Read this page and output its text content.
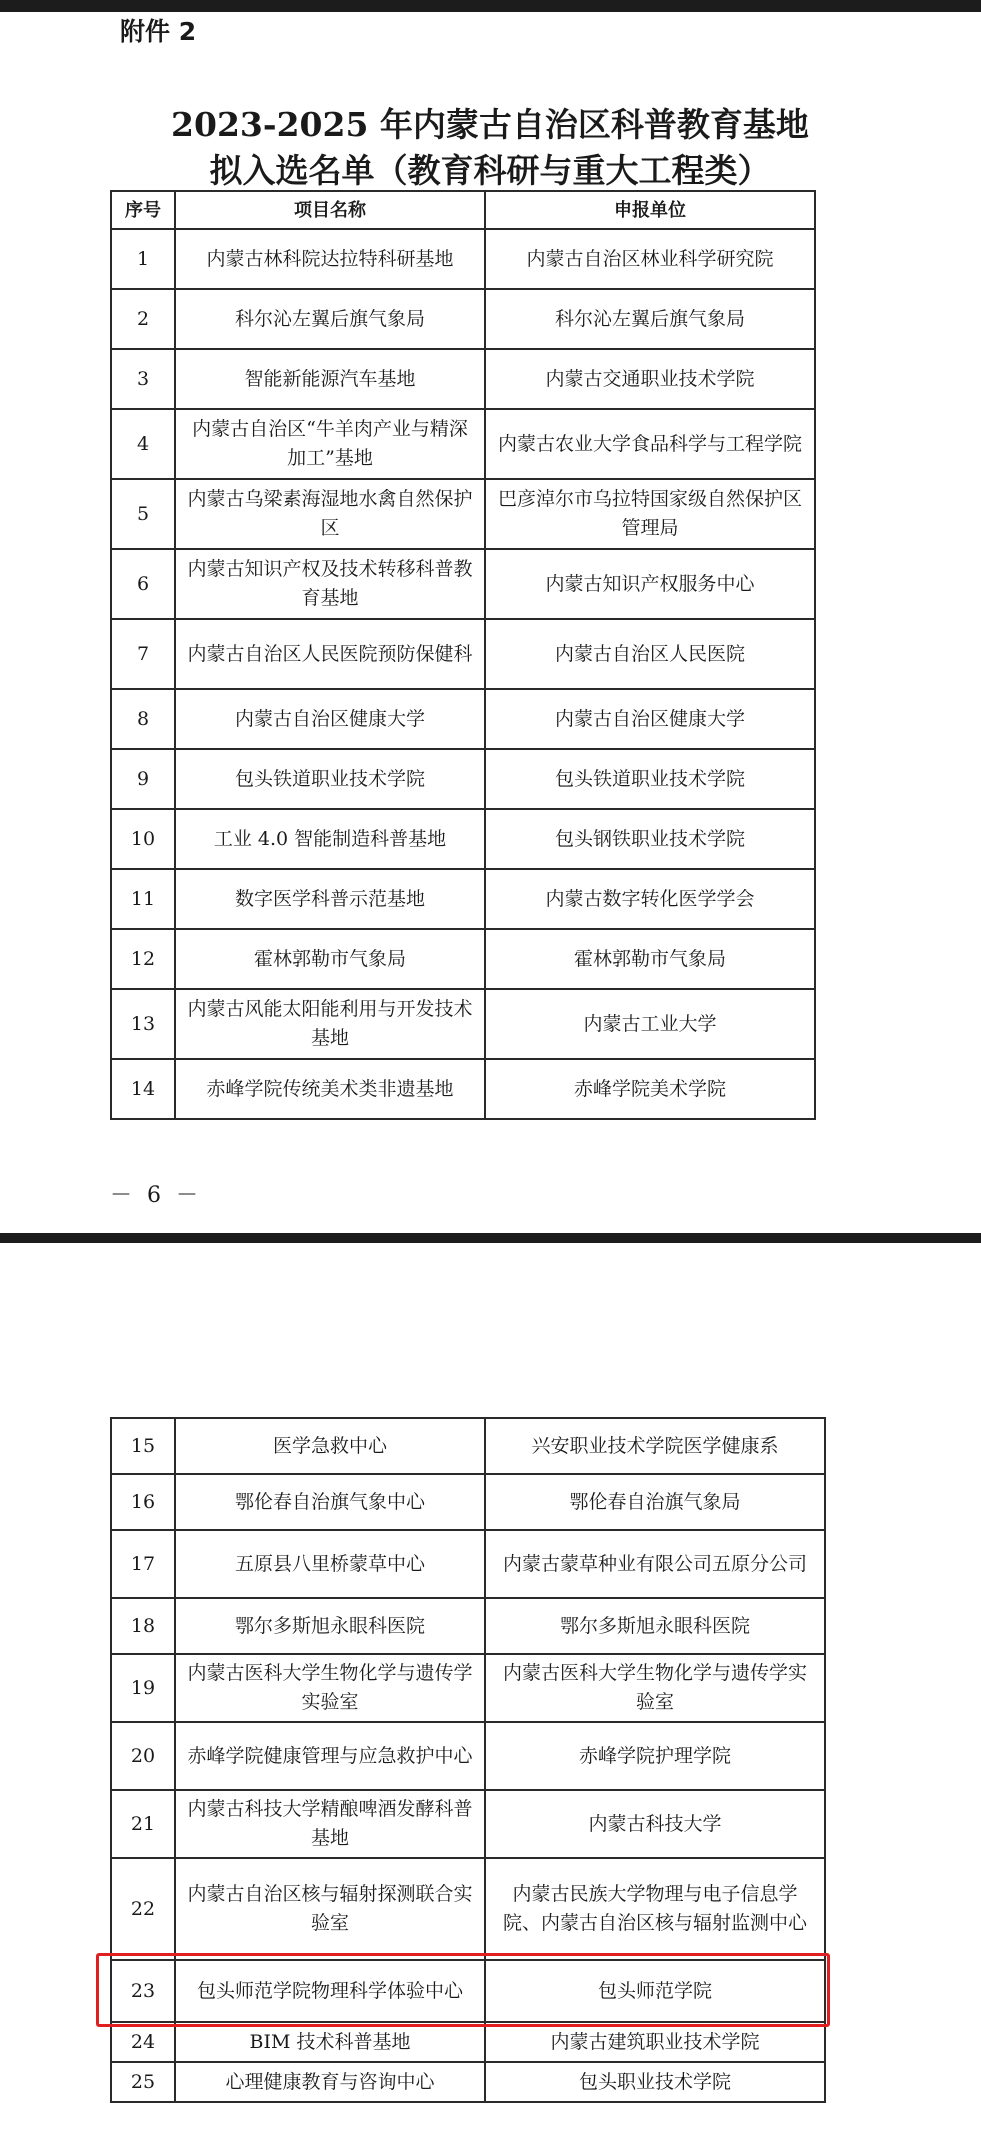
附件 2
2023-2025 年内蒙古自治区科普教育基地
拟入选名单（教育科研与重大工程类）
序号	项目名称	申报单位
1	内蒙古林科院达拉特科研基地	内蒙古自治区林业科学研究院
2	科尔沁左翼后旗气象局	科尔沁左翼后旗气象局
3	智能新能源汽车基地	内蒙古交通职业技术学院
4	内蒙古自治区“牛羊肉产业与精深加工”基地	内蒙古农业大学食品科学与工程学院
5	内蒙古乌梁素海湿地水禽自然保护区	巴彦淖尔市乌拉特国家级自然保护区管理局
6	内蒙古知识产权及技术转移科普教育基地	内蒙古知识产权服务中心
7	内蒙古自治区人民医院预防保健科	内蒙古自治区人民医院
8	内蒙古自治区健康大学	内蒙古自治区健康大学
9	包头铁道职业技术学院	包头铁道职业技术学院
10	工业 4.0 智能制造科普基地	包头钢铁职业技术学院
11	数字医学科普示范基地	内蒙古数字转化医学学会
12	霍林郭勒市气象局	霍林郭勒市气象局
13	内蒙古风能太阳能利用与开发技术基地	内蒙古工业大学
14	赤峰学院传统美术类非遗基地	赤峰学院美术学院
－ 6 －
15	医学急救中心	兴安职业技术学院医学健康系
16	鄂伦春自治旗气象中心	鄂伦春自治旗气象局
17	五原县八里桥蒙草中心	内蒙古蒙草种业有限公司五原分公司
18	鄂尔多斯旭永眼科医院	鄂尔多斯旭永眼科医院
19	内蒙古医科大学生物化学与遗传学实验室	内蒙古医科大学生物化学与遗传学实验室
20	赤峰学院健康管理与应急救护中心	赤峰学院护理学院
21	内蒙古科技大学精酿啤酒发酵科普基地	内蒙古科技大学
22	内蒙古自治区核与辐射探测联合实验室	内蒙古民族大学物理与电子信息学院、内蒙古自治区核与辐射监测中心
23	包头师范学院物理科学体验中心	包头师范学院
24	BIM 技术科普基地	内蒙古建筑职业技术学院
25	心理健康教育与咨询中心	包头职业技术学院
